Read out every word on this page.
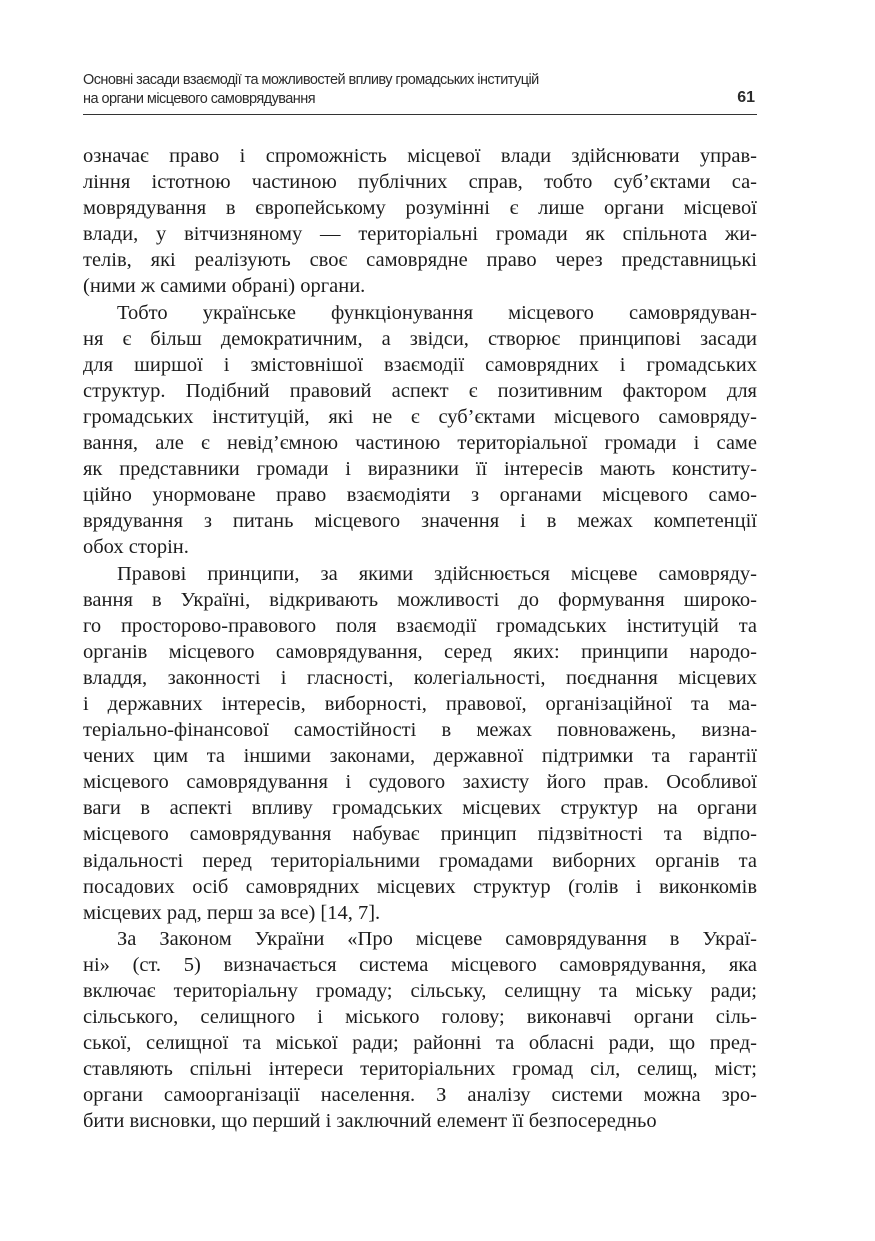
Основні засади взаємодії та можливостей впливу громадських інституцій
на органи місцевого самоврядування	61

означає право і спроможність місцевої влади здійснювати управ-
ління істотною частиною публічних справ, тобто суб’єктами са-
моврядування в європейському розумінні є лише органи місцевої
влади, у вітчизняному — територіальні громади як спільнота жи-
телів, які реалізують своє самоврядне право через представницькі
(ними ж самими обрані) органи.

Тобто українське функціонування місцевого самоврядуван-
ня є більш демократичним, а звідси, створює принципові засади
для ширшої і змістовнішої взаємодії самоврядних і громадських
структур. Подібний правовий аспект є позитивним фактором для
громадських інституцій, які не є суб’єктами місцевого самовряду-
вання, але є невід’ємною частиною територіальної громади і саме
як представники громади і виразники її інтересів мають конститу-
ційно унормоване право взаємодіяти з органами місцевого само-
врядування з питань місцевого значення і в межах компетенції
обох сторін.

Правові принципи, за якими здійснюється місцеве самовряду-
вання в Україні, відкривають можливості до формування широко-
го просторово-правового поля взаємодії громадських інституцій та
органів місцевого самоврядування, серед яких: принципи народо-
владдя, законності і гласності, колегіальності, поєднання місцевих
і державних інтересів, виборності, правової, організаційної та ма-
теріально-фінансової самостійності в межах повноважень, визна-
чених цим та іншими законами, державної підтримки та гарантії
місцевого самоврядування і судового захисту його прав. Особливої
ваги в аспекті впливу громадських місцевих структур на органи
місцевого самоврядування набуває принцип підзвітності та відпо-
відальності перед територіальними громадами виборних органів та
посадових осіб самоврядних місцевих структур (голів і виконкомів
місцевих рад, перш за все) [14, 7].

За Законом України «Про місцеве самоврядування в Украї-
ні» (ст. 5) визначається система місцевого самоврядування, яка
включає територіальну громаду; сільську, селищну та міську ради;
сільського, селищного і міського голову; виконавчі органи сіль-
ської, селищної та міської ради; районні та обласні ради, що пред-
ставляють спільні інтереси територіальних громад сіл, селищ, міст;
органи самоорганізації населення. З аналізу системи можна зро-
бити висновки, що перший і заключний елемент її безпосередньо
